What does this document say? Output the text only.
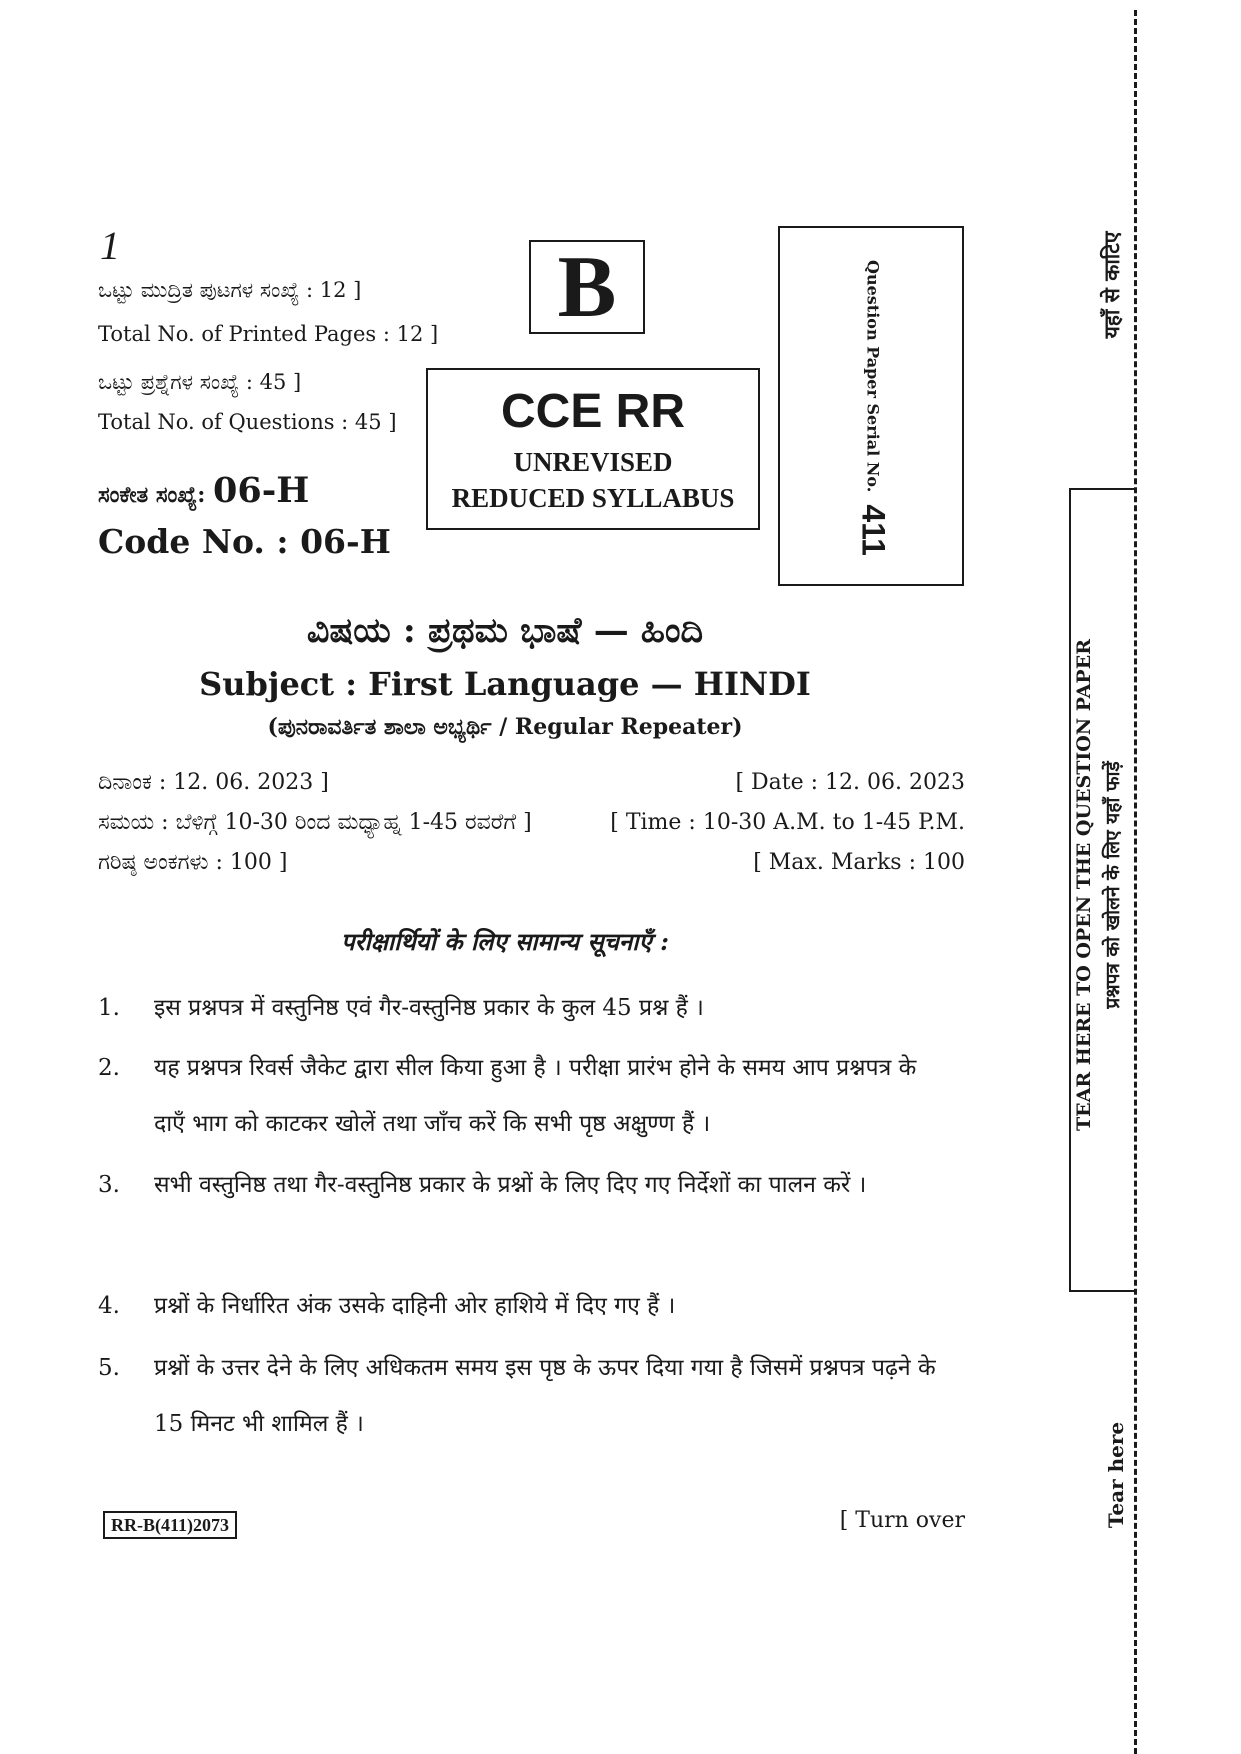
1
ಒಟ್ಟು ಮುದ್ರಿತ ಪುಟಗಳ ಸಂಖ್ಯೆ : 12 ]
Total No. of Printed Pages : 12 ]
ಒಟ್ಟು ಪ್ರಶ್ನೆಗಳ ಸಂಖ್ಯೆ : 45 ]
Total No. of Questions : 45 ]
ಸಂಕೇತ ಸಂಖ್ಯೆ: 06-H
Code No. : 06-H
B
CCE RR
UNREVISED
REDUCED SYLLABUS
Question Paper Serial No.
411
ವಿಷಯ : ಪ್ರಥಮ ಭಾಷೆ — ಹಿಂದಿ
Subject : First Language — HINDI
(ಪುನರಾವರ್ತಿತ ಶಾಲಾ ಅಭ್ಯರ್ಥಿ / Regular Repeater)
ದಿನಾಂಕ : 12. 06. 2023 ]	[ Date : 12. 06. 2023
ಸಮಯ : ಬೆಳಿಗ್ಗೆ 10-30 ರಿಂದ ಮಧ್ಯಾಹ್ನ 1-45 ರವರೆಗೆ ]	[ Time : 10-30 A.M. to 1-45 P.M.
ಗರಿಷ್ಠ ಅಂಕಗಳು : 100 ]	[ Max. Marks : 100
परीक्षार्थियों के लिए सामान्य सूचनाएँ :
1. इस प्रश्नपत्र में वस्तुनिष्ठ एवं गैर-वस्तुनिष्ठ प्रकार के कुल 45 प्रश्न हैं ।
2. यह प्रश्नपत्र रिवर्स जैकेट द्वारा सील किया हुआ है । परीक्षा प्रारंभ होने के समय आप प्रश्नपत्र के दाएँ भाग को काटकर खोलें तथा जाँच करें कि सभी पृष्ठ अक्षुण्ण हैं ।
3. सभी वस्तुनिष्ठ तथा गैर-वस्तुनिष्ठ प्रकार के प्रश्नों के लिए दिए गए निर्देशों का पालन करें ।
4. प्रश्नों के निर्धारित अंक उसके दाहिनी ओर हाशिये में दिए गए हैं ।
5. प्रश्नों के उत्तर देने के लिए अधिकतम समय इस पृष्ठ के ऊपर दिया गया है जिसमें प्रश्नपत्र पढ़ने के 15 मिनट भी शामिल हैं ।
RR-B(411)2073	[ Turn over
यहाँ से काटिए
TEAR HERE TO OPEN THE QUESTION PAPER प्रश्नपत्र को खोलने के लिए यहाँ फाड़ें
Tear here
